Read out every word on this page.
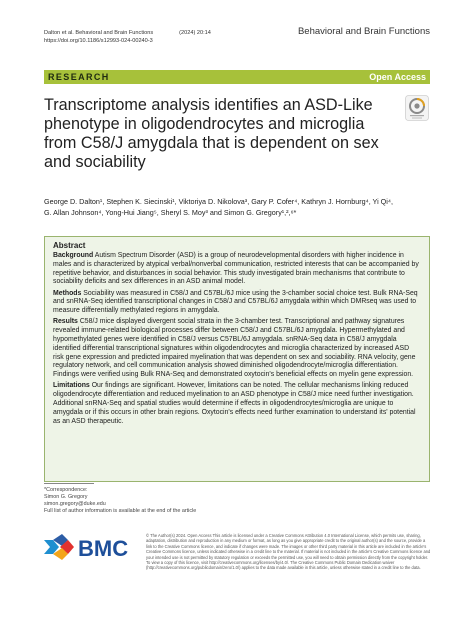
Dalton et al. Behavioral and Brain Functions	(2024) 20:14
https://doi.org/10.1186/s12993-024-00240-3
Behavioral and Brain Functions
RESEARCH	Open Access
Transcriptome analysis identifies an ASD-Like phenotype in oligodendrocytes and microglia from C58/J amygdala that is dependent on sex and sociability
George D. Dalton¹, Stephen K. Siecinski¹, Viktoriya D. Nikolova³, Gary P. Cofer⁴, Kathryn J. Hornburg⁴, Yi Qi⁴,
G. Allan Johnson⁴, Yong-Hui Jiang⁵, Sheryl S. Moy³ and Simon G. Gregory¹,²,⁶*
Abstract

Background Autism Spectrum Disorder (ASD) is a group of neurodevelopmental disorders with higher incidence in males and is characterized by atypical verbal/nonverbal communication, restricted interests that can be accompanied by repetitive behavior, and disturbances in social behavior. This study investigated brain mechanisms that contribute to sociability deficits and sex differences in an ASD animal model.

Methods Sociability was measured in C58/J and C57BL/6J mice using the 3-chamber social choice test. Bulk RNA-Seq and snRNA-Seq identified transcriptional changes in C58/J and C57BL/6J amygdala within which DMRseq was used to measure differentially methylated regions in amygdala.

Results C58/J mice displayed divergent social strata in the 3-chamber test. Transcriptional and pathway signatures revealed immune-related biological processes differ between C58/J and C57BL/6J amygdala. Hypermethylated and hypomethylated genes were identified in C58/J versus C57BL/6J amygdala. snRNA-Seq data in C58/J amygdala identified differential transcriptional signatures within oligodendrocytes and microglia characterized by increased ASD risk gene expression and predicted impaired myelination that was dependent on sex and sociability. RNA velocity, gene regulatory network, and cell communication analysis showed diminished oligodendrocyte/microglia differentiation. Findings were verified using Bulk RNA-Seq and demonstrated oxytocin's beneficial effects on myelin gene expression.

Limitations Our findings are significant. However, limitations can be noted. The cellular mechanisms linking reduced oligodendrocyte differentiation and reduced myelination to an ASD phenotype in C58/J mice need further investigation. Additional snRNA-Seq and spatial studies would determine if effects in oligodendrocytes/microglia are unique to amygdala or if this occurs in other brain regions. Oxytocin's effects need further examination to understand its' potential as an ASD therapeutic.

*Correspondence:
Simon G. Gregory
simon.gregory@duke.edu
Full list of author information is available at the end of the article
BMC
© The Author(s) 2024. Open Access This article is licensed under a Creative Commons Attribution 4.0 International License, which permits use, sharing, adaptation, distribution and reproduction in any medium or format, as long as you give appropriate credit to the original author(s) and the source, provide a link to the Creative Commons licence, and indicate if changes were made. The images or other third party material in this article are included in the article's Creative Commons licence, unless indicated otherwise in a credit line to the material. If material is not included in the article's Creative Commons licence and your intended use is not permitted by statutory regulation or exceeds the permitted use, you will need to obtain permission directly from the copyright holder. To view a copy of this licence, visit http://creativecommons.org/licenses/by/4.0/. The Creative Commons Public Domain Dedication waiver (http://creativecommons.org/publicdomain/zero/1.0/) applies to the data made available in this article, unless otherwise stated in a credit line to the data.
